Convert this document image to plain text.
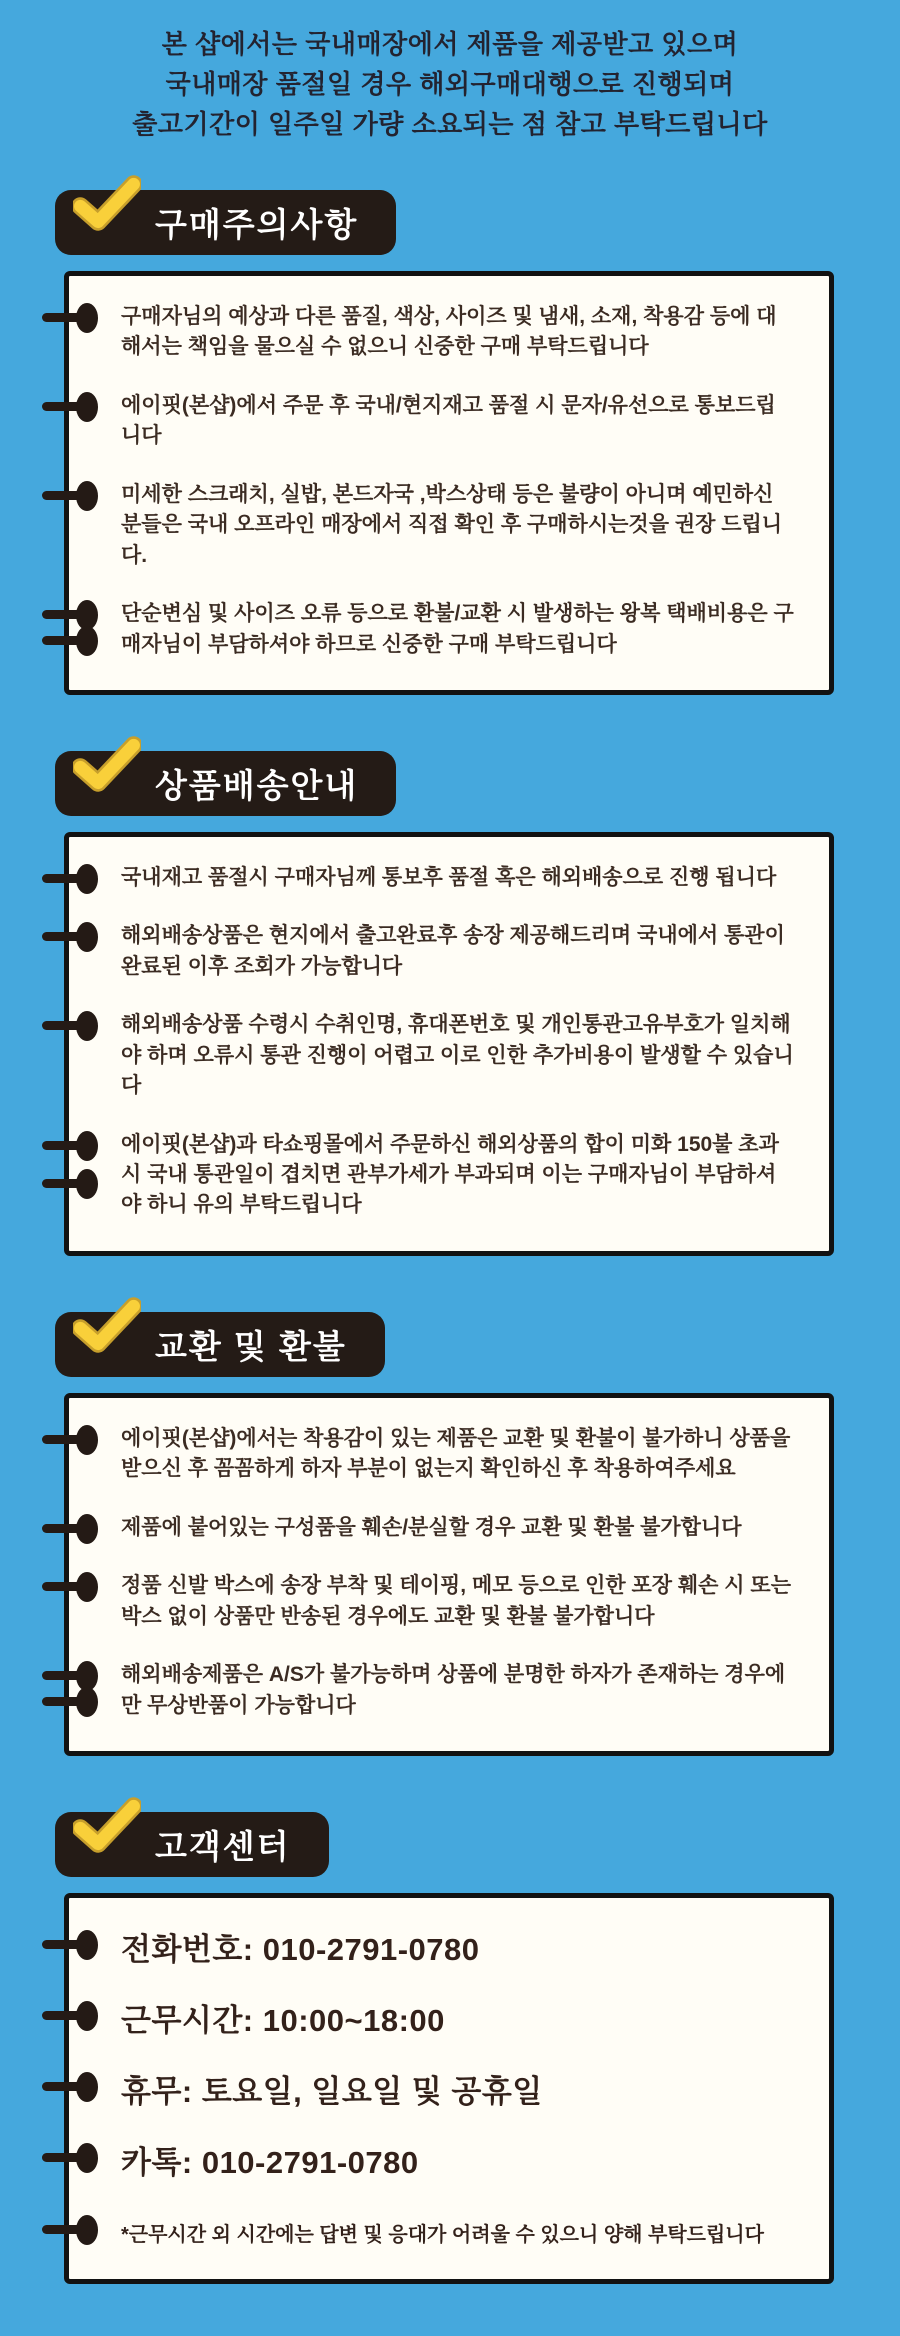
본 샵에서는 국내매장에서 제품을 제공받고 있으며
국내매장 품절일 경우 해외구매대행으로 진행되며
출고기간이 일주일 가량 소요되는 점 참고 부탁드립니다
구매주의사항

구매자님의 예상과 다른 품질, 색상, 사이즈 및 냄새, 소재, 착용감 등에 대해서는 책임을 물으실 수 없으니 신중한 구매 부탁드립니다

에이핏(본샵)에서 주문 후 국내/현지재고 품절 시 문자/유선으로 통보드립니다

미세한 스크래치, 실밥, 본드자국 ,박스상태 등은 불량이 아니며 예민하신 분들은 국내 오프라인 매장에서 직접 확인 후 구매하시는것을 권장 드립니다.

단순변심 및 사이즈 오류 등으로 환불/교환 시 발생하는 왕복 택배비용은 구매자님이 부담하셔야 하므로 신중한 구매 부탁드립니다

상품배송안내

국내재고 품절시 구매자님께 통보후 품절 혹은 해외배송으로 진행 됩니다

해외배송상품은 현지에서 출고완료후 송장 제공해드리며 국내에서 통관이 완료된 이후 조회가 가능합니다

해외배송상품 수령시 수취인명, 휴대폰번호 및 개인통관고유부호가 일치해야 하며 오류시 통관 진행이 어렵고 이로 인한 추가비용이 발생할 수 있습니다

에이핏(본샵)과 타쇼핑몰에서 주문하신 해외상품의 합이 미화 150불 초과시 국내 통관일이 겹치면 관부가세가 부과되며 이는 구매자님이 부담하셔야 하니 유의 부탁드립니다

교환 및 환불

에이핏(본샵)에서는 착용감이 있는 제품은 교환 및 환불이 불가하니 상품을 받으신 후 꼼꼼하게 하자 부분이 없는지 확인하신 후 착용하여주세요

제품에 붙어있는 구성품을 훼손/분실할 경우 교환 및 환불 불가합니다

정품 신발 박스에 송장 부착 및 테이핑, 메모 등으로 인한 포장 훼손 시 또는 박스 없이 상품만 반송된 경우에도 교환 및 환불 불가합니다

해외배송제품은 A/S가 불가능하며 상품에 분명한 하자가 존재하는 경우에만 무상반품이 가능합니다

고객센터
전화번호: 010-2791-0780
근무시간: 10:00~18:00
휴무: 토요일, 일요일 및 공휴일
카톡: 010-2791-0780
*근무시간 외 시간에는 답변 및 응대가 어려울 수 있으니 양해 부탁드립니다
